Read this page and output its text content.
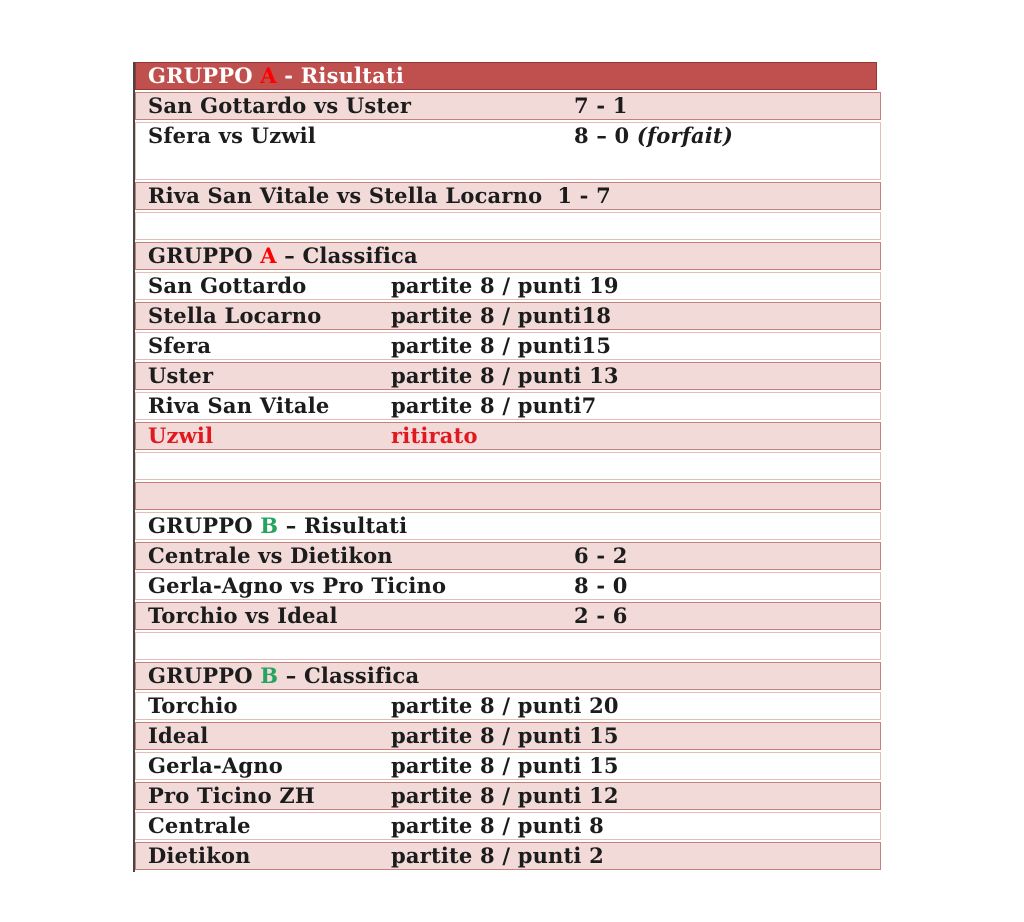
GRUPPO A - Risultati
San Gottardo vs Uster	7 - 1
Sfera vs Uzwil	8 – 0 (forfait)
Riva San Vitale vs Stella Locarno  1 - 7
GRUPPO A – Classifica
San Gottardo	partite 8 / punti 19
Stella Locarno	partite 8 / punti18
Sfera	partite 8 / punti15
Uster	partite 8 / punti 13
Riva San Vitale	partite 8 / punti7
Uzwil	ritirato
GRUPPO B – Risultati
Centrale vs Dietikon	6 - 2
Gerla-Agno vs Pro Ticino	8 - 0
Torchio vs Ideal	2 - 6
GRUPPO B – Classifica
Torchio	partite 8 / punti 20
Ideal	partite 8 / punti 15
Gerla-Agno	partite 8 / punti 15
Pro Ticino ZH	partite 8 / punti 12
Centrale	partite 8 / punti 8
Dietikon	partite 8 / punti 2
